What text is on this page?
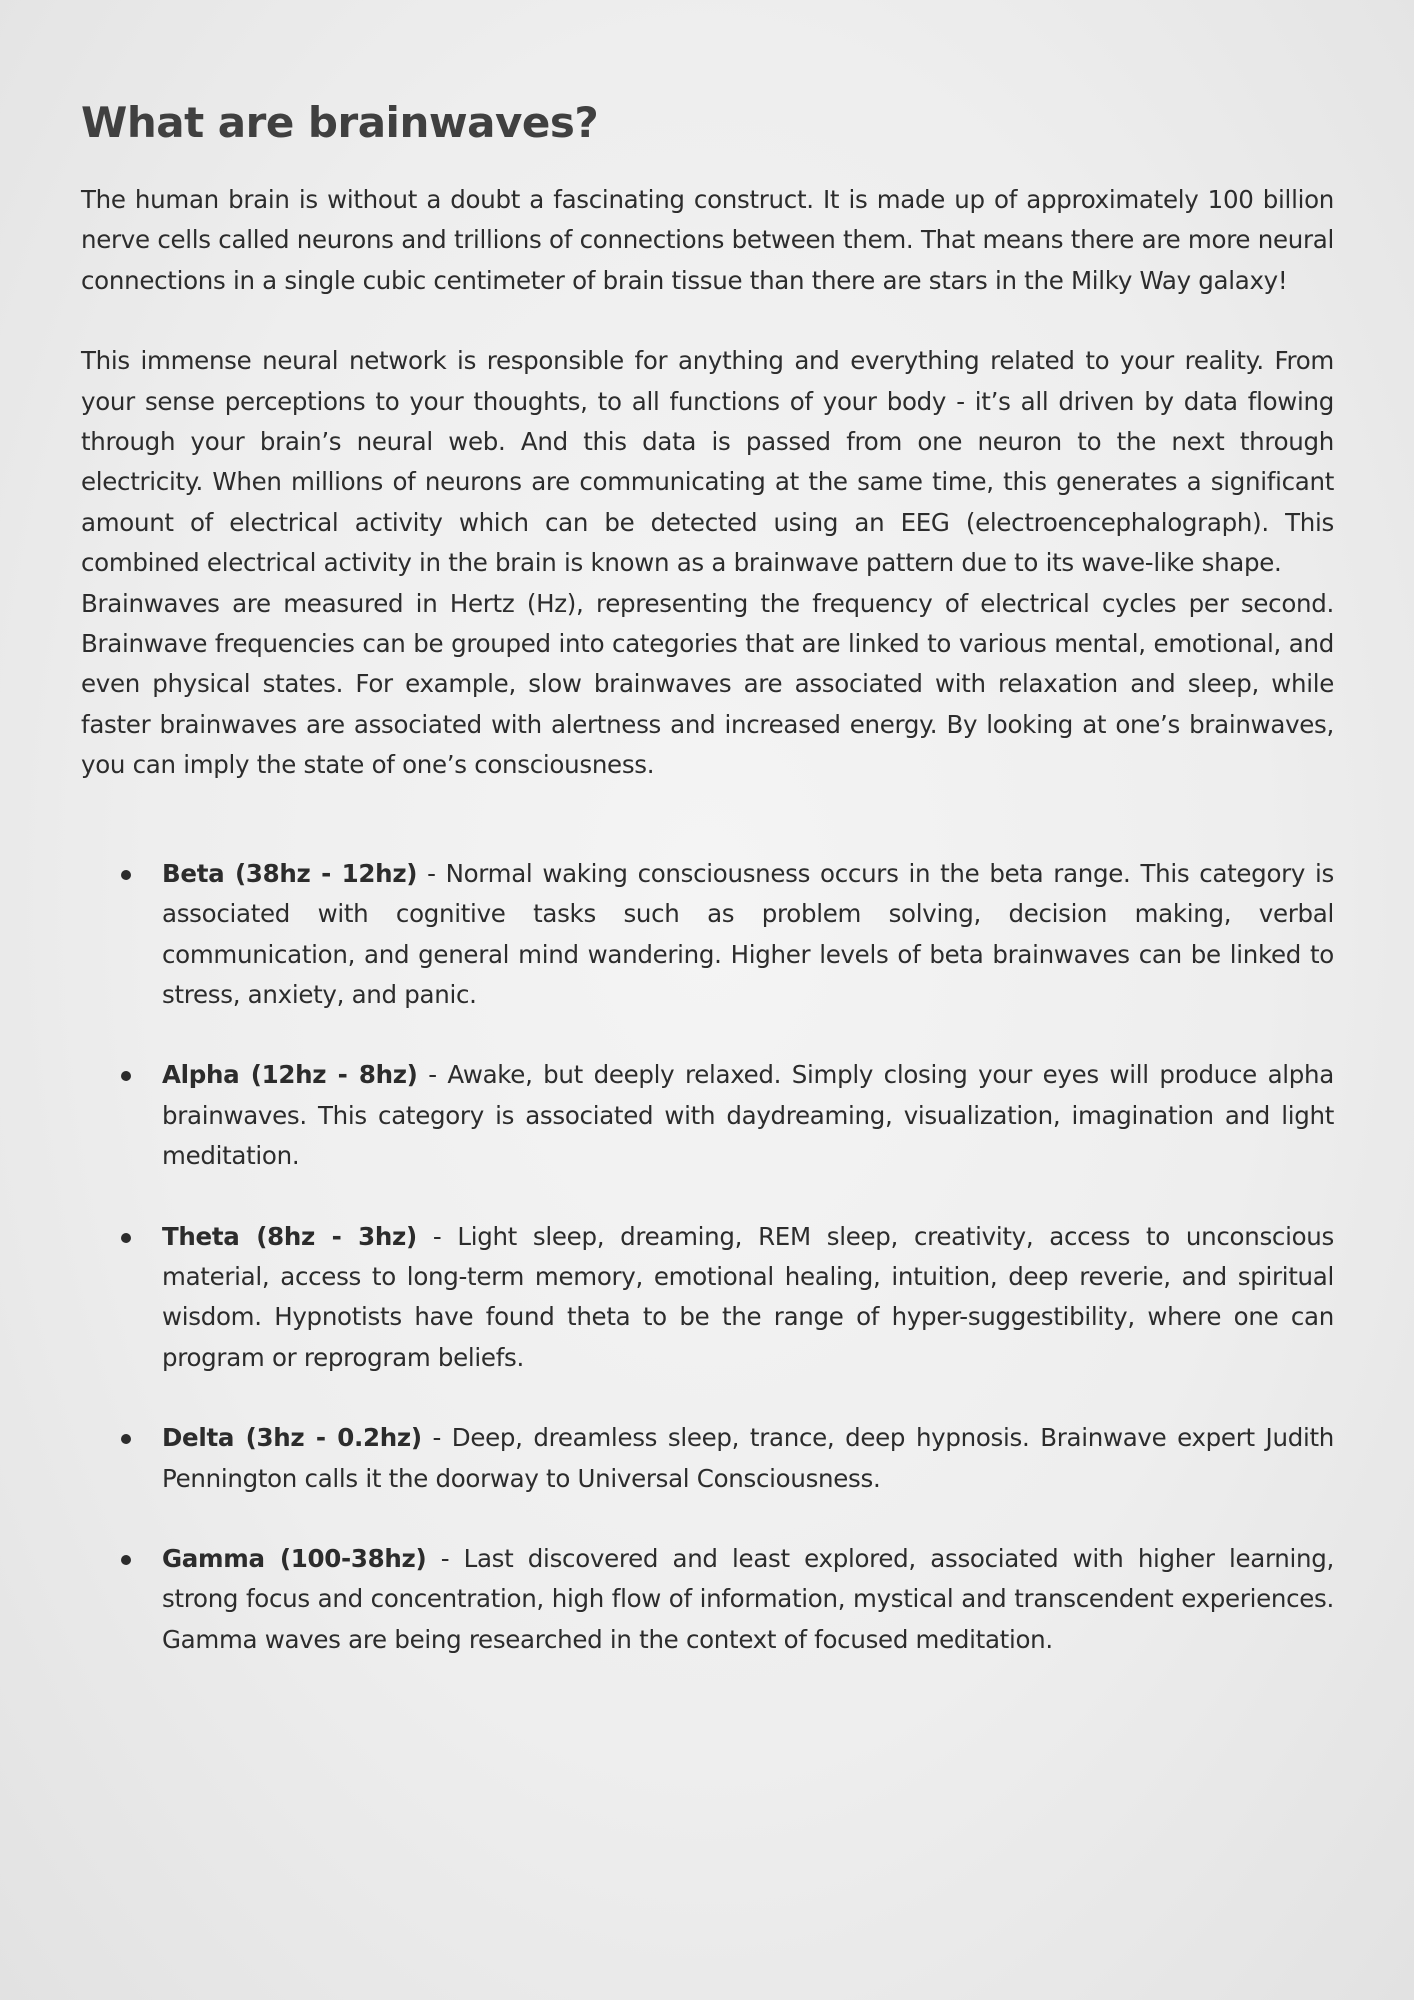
What are brainwaves?

The human brain is without a doubt a fascinating construct. It is made up of approximately 100 billion nerve cells called neurons and trillions of connections between them. That means there are more neural connections in a single cubic centimeter of brain tissue than there are stars in the Milky Way galaxy!

This immense neural network is responsible for anything and everything related to your reality. From your sense perceptions to your thoughts, to all functions of your body - it’s all driven by data flowing through your brain’s neural web. And this data is passed from one neuron to the next through electricity. When millions of neurons are communicating at the same time, this generates a significant amount of electrical activity which can be detected using an EEG (electroencephalograph). This combined electrical activity in the brain is known as a brainwave pattern due to its wave-like shape.

Brainwaves are measured in Hertz (Hz), representing the frequency of electrical cycles per second. Brainwave frequencies can be grouped into categories that are linked to various mental, emotional, and even physical states. For example, slow brainwaves are associated with relaxation and sleep, while faster brainwaves are associated with alertness and increased energy. By looking at one’s brainwaves, you can imply the state of one’s consciousness.

Beta (38hz - 12hz) - Normal waking consciousness occurs in the beta range. This category is associated with cognitive tasks such as problem solving, decision making, verbal communication, and general mind wandering. Higher levels of beta brainwaves can be linked to stress, anxiety, and panic.
Alpha (12hz - 8hz) - Awake, but deeply relaxed. Simply closing your eyes will produce alpha brainwaves. This category is associated with daydreaming, visualization, imagination and light meditation.
Theta (8hz - 3hz) - Light sleep, dreaming, REM sleep, creativity, access to unconscious material, access to long-term memory, emotional healing, intuition, deep reverie, and spiritual wisdom. Hypnotists have found theta to be the range of hyper-suggestibility, where one can program or reprogram beliefs.
Delta (3hz - 0.2hz) - Deep, dreamless sleep, trance, deep hypnosis. Brainwave expert Judith Pennington calls it the doorway to Universal Consciousness.
Gamma (100-38hz) - Last discovered and least explored, associated with higher learning, strong focus and concentration, high flow of information, mystical and transcendent experiences. Gamma waves are being researched in the context of focused meditation.
